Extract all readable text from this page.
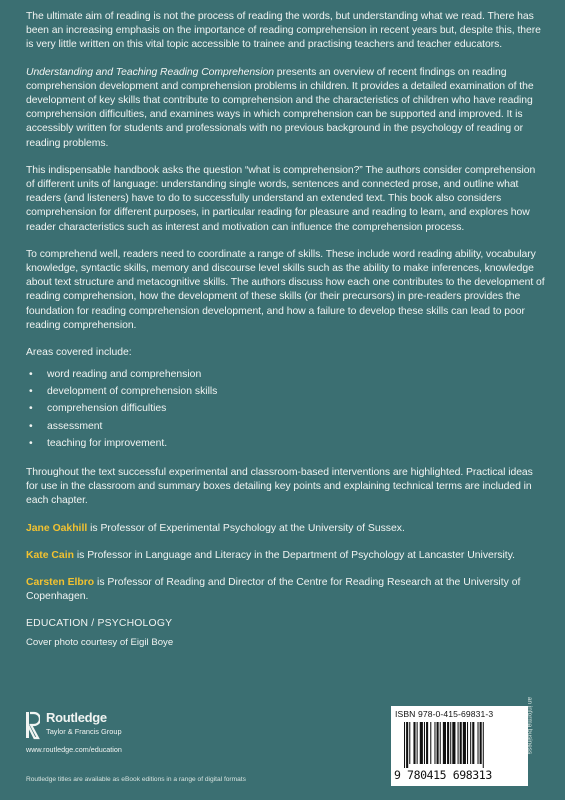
The ultimate aim of reading is not the process of reading the words, but understanding what we read. There has been an increasing emphasis on the importance of reading comprehension in recent years but, despite this, there is very little written on this vital topic accessible to trainee and practising teachers and teacher educators.

Understanding and Teaching Reading Comprehension presents an overview of recent findings on reading comprehension development and comprehension problems in children. It provides a detailed examination of the development of key skills that contribute to comprehension and the characteristics of children who have reading comprehension difficulties, and examines ways in which comprehension can be supported and improved. It is accessibly written for students and professionals with no previous background in the psychology of reading or reading problems.

This indispensable handbook asks the question “what is comprehension?” The authors consider comprehension of different units of language: understanding single words, sentences and connected prose, and outline what readers (and listeners) have to do to successfully understand an extended text. This book also considers comprehension for different purposes, in particular reading for pleasure and reading to learn, and explores how reader characteristics such as interest and motivation can influence the comprehension process.

To comprehend well, readers need to coordinate a range of skills. These include word reading ability, vocabulary knowledge, syntactic skills, memory and discourse level skills such as the ability to make inferences, knowledge about text structure and metacognitive skills. The authors discuss how each one contributes to the development of reading comprehension, how the development of these skills (or their precursors) in pre-readers provides the foundation for reading comprehension development, and how a failure to develop these skills can lead to poor reading comprehension.

Areas covered include:

• word reading and comprehension
• development of comprehension skills
• comprehension difficulties
• assessment
• teaching for improvement.

Throughout the text successful experimental and classroom-based interventions are highlighted. Practical ideas for use in the classroom and summary boxes detailing key points and explaining technical terms are included in each chapter.

Jane Oakhill is Professor of Experimental Psychology at the University of Sussex.

Kate Cain is Professor in Language and Literacy in the Department of Psychology at Lancaster University.

Carsten Elbro is Professor of Reading and Director of the Centre for Reading Research at the University of Copenhagen.

EDUCATION / PSYCHOLOGY

Cover photo courtesy of Eigil Boye

Routledge
Taylor & Francis Group
www.routledge.com/education
Routledge titles are available as eBook editions in a range of digital formats
ISBN 978-0-415-69831-3
9 780415 698313
an informa business
